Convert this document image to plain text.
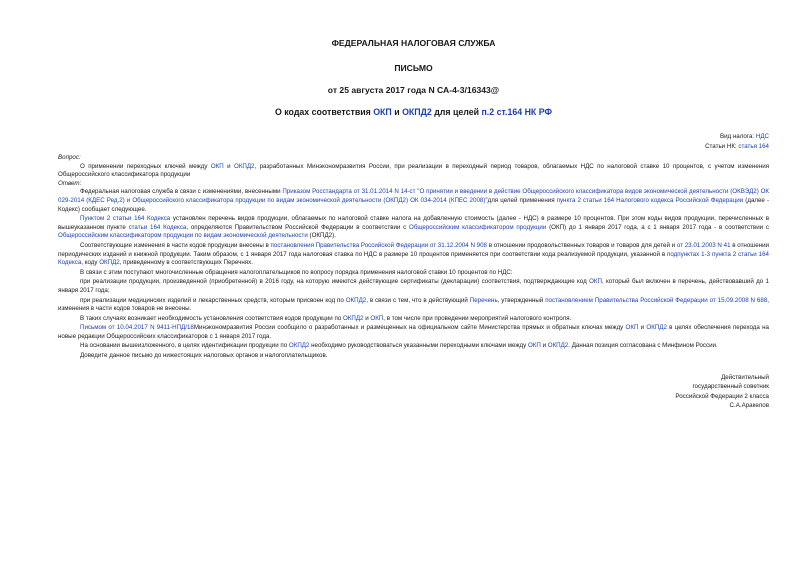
ФЕДЕРАЛЬНАЯ НАЛОГОВАЯ СЛУЖБА
ПИСЬМО
от 25 августа 2017 года N СА-4-3/16343@
О кодах соответствия ОКП и ОКПД2 для целей п.2 ст.164 НК РФ
Вид налога: НДС
Статьи НК: статья 164

Вопрос:

О применении переходных ключей между ОКП и ОКПД2, разработанных Минэкономразвития России, при реализации в переходный период товаров, облагаемых НДС по налоговой ставке 10 процентов, с учетом изменения Общероссийского классификатора продукции

Ответ:

Федеральная налоговая служба в связи с изменениями, внесенными Приказом Росстандарта от 31.01.2014 N 14-ст "О принятии и введении в действие Общероссийского классификатора видов экономической деятельности (ОКВЭД2) ОК 029-2014 (КДЕС Ред.2) и Общероссийского классификатора продукции по видам экономической деятельности (ОКПД2) ОК 034-2014 (КПЕС 2008)"для целей применения пункта 2 статьи 164 Налогового кодекса Российской Федерации (далее - Кодекс) сообщает следующее.

Пунктом 2 статьи 164 Кодекса установлен перечень видов продукции, облагаемых по налоговой ставке налога на добавленную стоимость (далее - НДС) в размере 10 процентов. При этом коды видов продукции, перечисленных в вышеуказанном пункте статьи 164 Кодекса, определяются Правительством Российской Федерации в соответствии с Общероссийским классификатором продукции (ОКП) до 1 января 2017 года, а с 1 января 2017 года - в соответствии с Общероссийским классификатором продукции по видам экономической деятельности (ОКПД2).

Соответствующие изменения в части кодов продукции внесены в постановления Правительства Российской Федерации от 31.12.2004 N 908 в отношении продовольственных товаров и товаров для детей и от 23.01.2003 N 41 в отношении периодических изданий и книжной продукции. Таким образом, с 1 января 2017 года налоговая ставка по НДС в размере 10 процентов применяется при соответствии кода реализуемой продукции, указанной в подпунктах 1-3 пункта 2 статьи 164 Кодекса, коду ОКПД2, приведенному в соответствующих Перечнях.

В связи с этим поступают многочисленные обращения налогоплательщиков по вопросу порядка применения налоговой ставки 10 процентов по НДС:

при реализации продукции, произведенной (приобретенной) в 2016 году, на которую имеются действующие сертификаты (декларации) соответствия, подтверждающие код ОКП, который был включен в перечень, действовавший до 1 января 2017 года;

при реализации медицинских изделий и лекарственных средств, которым присвоен код по ОКПД2, в связи с тем, что в действующий Перечень, утвержденный постановлением Правительства Российской Федерации от 15.09.2008 N 688, изменения в части кодов товаров не внесены.

В таких случаях возникает необходимость установления соответствия кодов продукции по ОКПД2 и ОКП, в том числе при проведении мероприятий налогового контроля.

Письмом от 10.04.2017 N 9411-НПД/18Минэкономразвития России сообщило о разработанных и размещенных на официальном сайте Министерства прямых и обратных ключах между ОКП и ОКПД2 в целях обеспечения перехода на новые редакции Общероссийских классификаторов с 1 января 2017 года.

На основании вышеизложенного, в целях идентификации продукции по ОКПД2 необходимо руководствоваться указанными переходными ключами между ОКП и ОКПД2. Данная позиция согласована с Минфином России.

Доведите данное письмо до нижестоящих налоговых органов и налогоплательщиков.

Действительный
государственный советник
Российской Федерации 2 класса
С.А.Аракелов
